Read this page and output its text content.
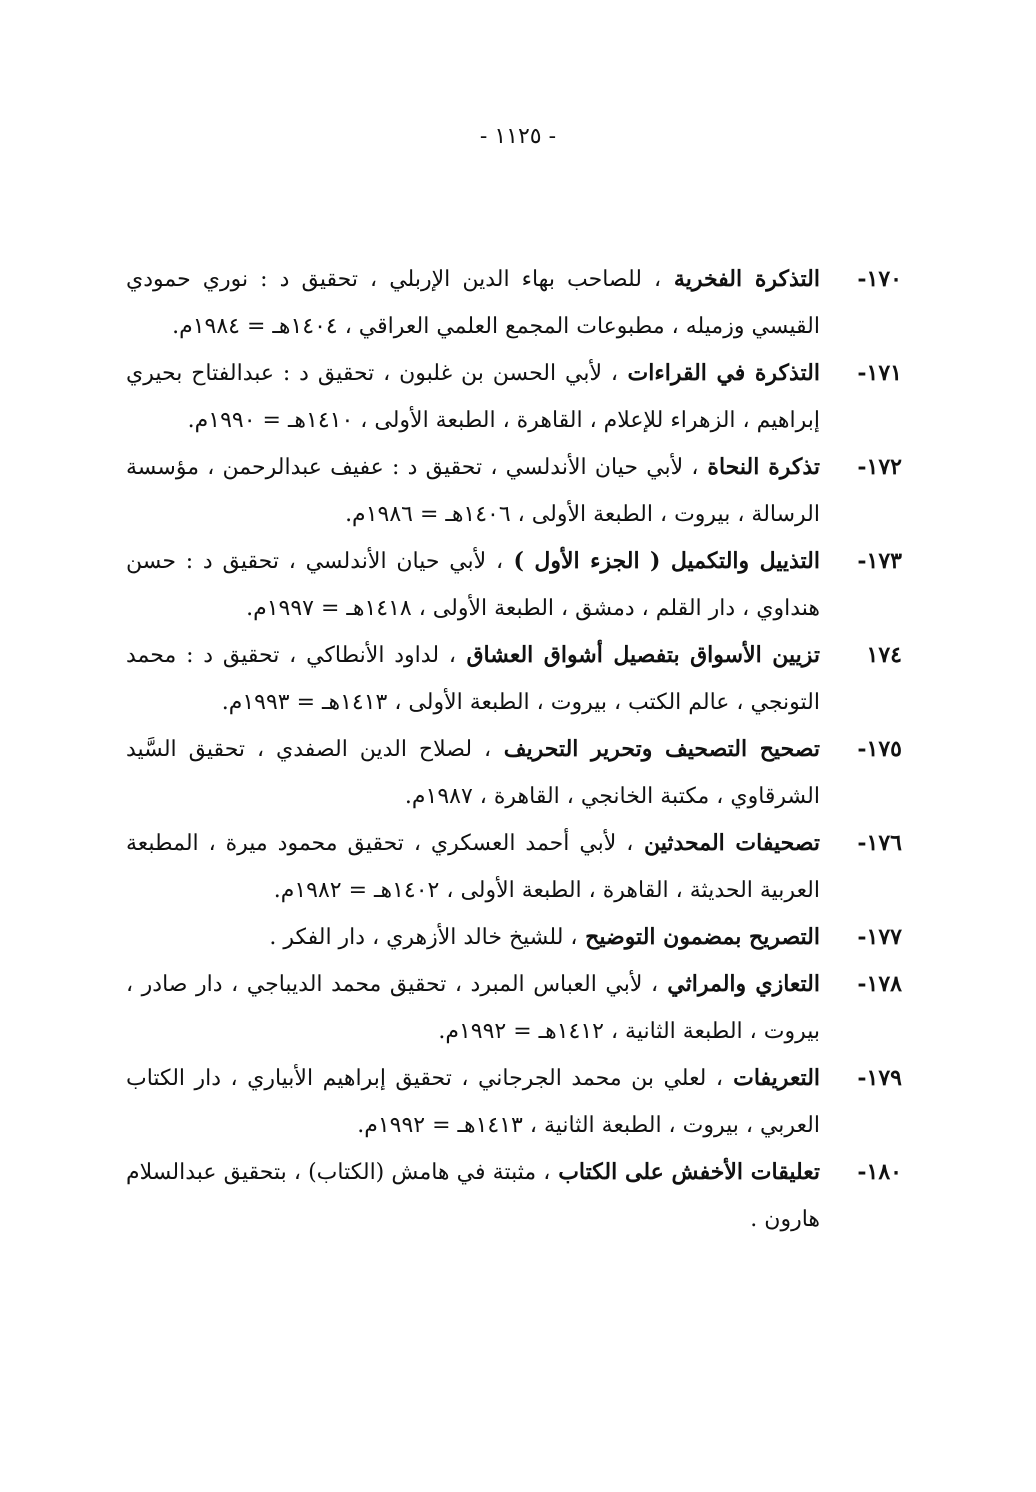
- ١١٢٥ -
١٧٠-
التذكرة الفخرية ، للصاحب بهاء الدين الإربلي ، تحقيق د : نوري حمودي القيسي وزميله ، مطبوعات المجمع العلمي العراقي ، ١٤٠٤هـ = ١٩٨٤م.
١٧١-
التذكرة في القراءات ، لأبي الحسن بن غلبون ، تحقيق د : عبدالفتاح بحيري إبراهيم ، الزهراء للإعلام ، القاهرة ، الطبعة الأولى ، ١٤١٠هـ = ١٩٩٠م.
١٧٢-
تذكرة النحاة ، لأبي حيان الأندلسي ، تحقيق د : عفيف عبدالرحمن ، مؤسسة الرسالة ، بيروت ، الطبعة الأولى ، ١٤٠٦هـ = ١٩٨٦م.
١٧٣-
التذييل والتكميل ( الجزء الأول ) ، لأبي حيان الأندلسي ، تحقيق د : حسن هنداوي ، دار القلم ، دمشق ، الطبعة الأولى ، ١٤١٨هـ = ١٩٩٧م.
١٧٤
تزيين الأسواق بتفصيل أشواق العشاق ، لداود الأنطاكي ، تحقيق د : محمد التونجي ، عالم الكتب ، بيروت ، الطبعة الأولى ، ١٤١٣هـ = ١٩٩٣م.
١٧٥-
تصحيح التصحيف وتحرير التحريف ، لصلاح الدين الصفدي ، تحقيق السَّيد الشرقاوي ، مكتبة الخانجي ، القاهرة ، ١٩٨٧م.
١٧٦-
تصحيفات المحدثين ، لأبي أحمد العسكري ، تحقيق محمود ميرة ، المطبعة العربية الحديثة ، القاهرة ، الطبعة الأولى ، ١٤٠٢هـ = ١٩٨٢م.
١٧٧-
التصريح بمضمون التوضيح ، للشيخ خالد الأزهري ، دار الفكر .
١٧٨-
التعازي والمراثي ، لأبي العباس المبرد ، تحقيق محمد الديباجي ، دار صادر ، بيروت ، الطبعة الثانية ، ١٤١٢هـ = ١٩٩٢م.
١٧٩-
التعريفات ، لعلي بن محمد الجرجاني ، تحقيق إبراهيم الأبياري ، دار الكتاب العربي ، بيروت ، الطبعة الثانية ، ١٤١٣هـ = ١٩٩٢م.
١٨٠-
تعليقات الأخفش على الكتاب ، مثبتة في هامش (الكتاب) ، بتحقيق عبدالسلام هارون .
